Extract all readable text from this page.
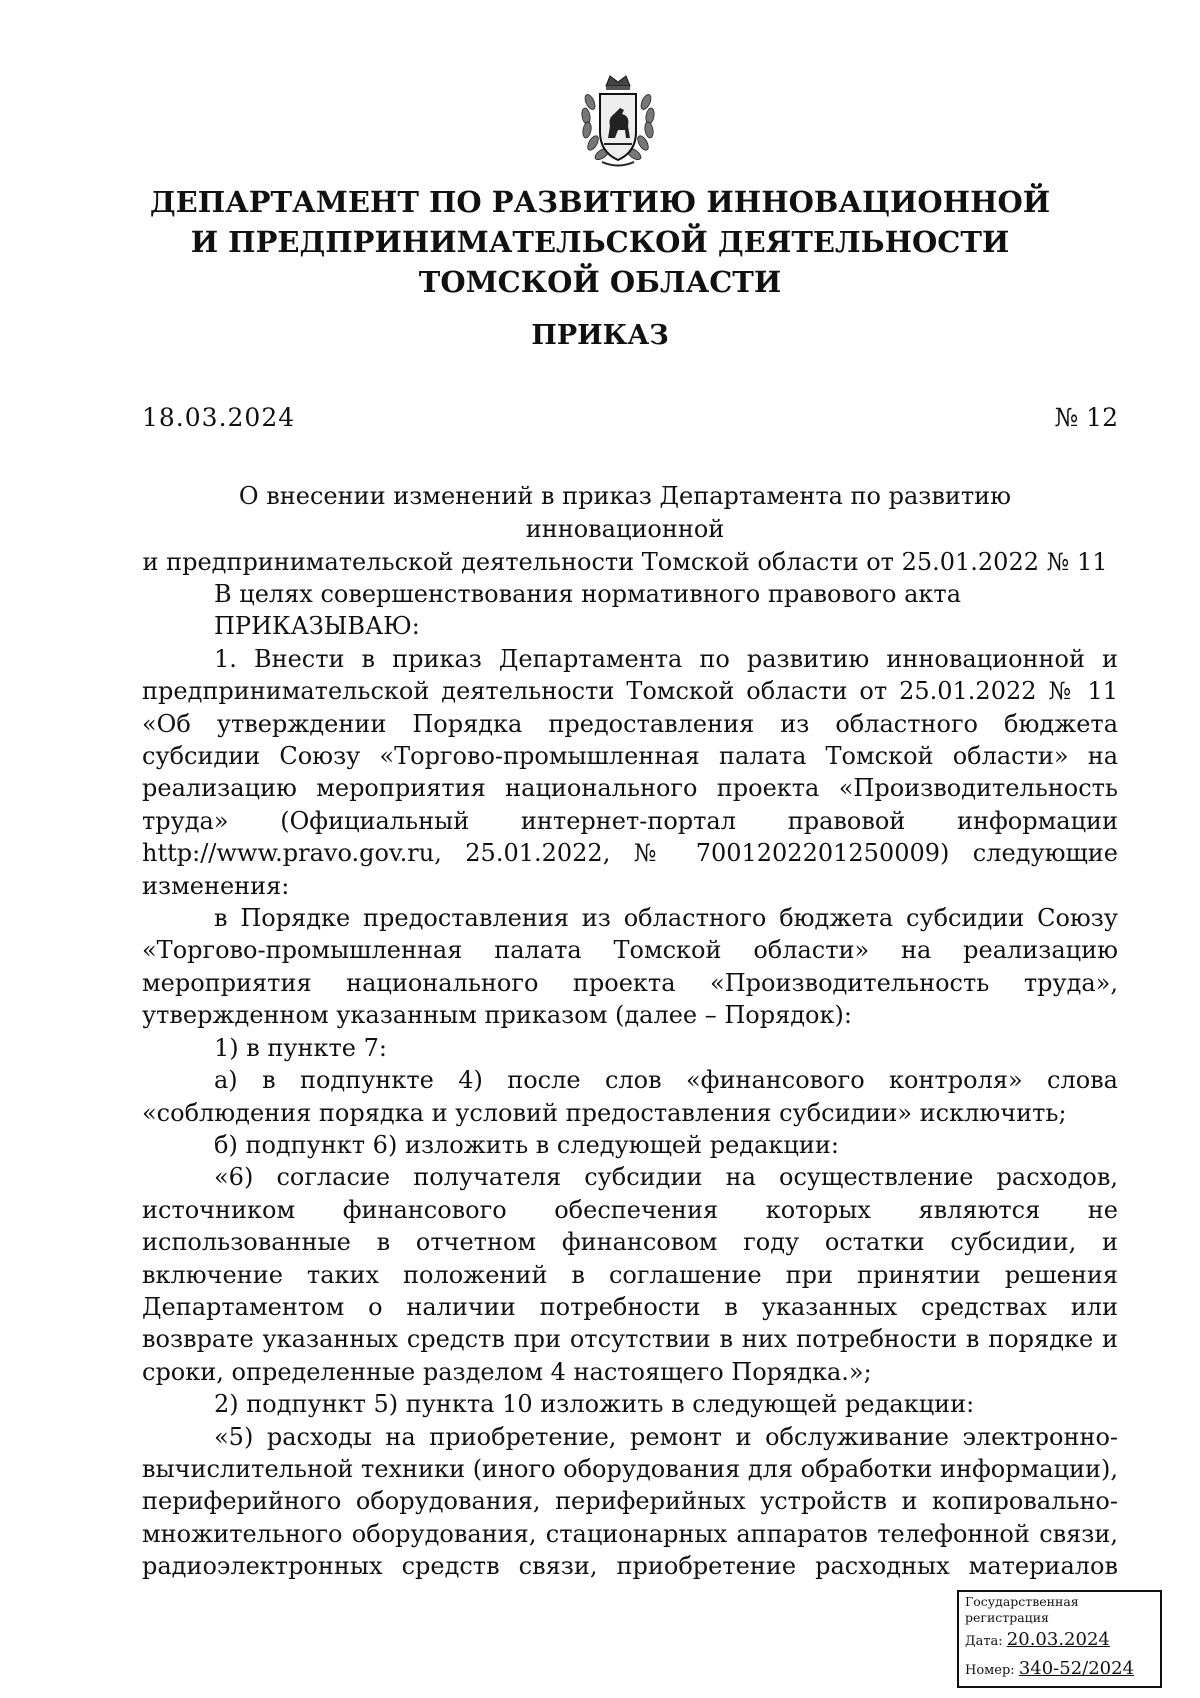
ДЕПАРТАМЕНТ ПО РАЗВИТИЮ ИННОВАЦИОННОЙ
И ПРЕДПРИНИМАТЕЛЬСКОЙ ДЕЯТЕЛЬНОСТИ
ТОМСКОЙ ОБЛАСТИ
ПРИКАЗ
18.03.2024	№ 12
О внесении изменений в приказ Департамента по развитию инновационной
и предпринимательской деятельности Томской области от 25.01.2022 № 11

В целях совершенствования нормативного правового акта

ПРИКАЗЫВАЮ:

1. Внести в приказ Департамента по развитию инновационной и предпринимательской деятельности Томской области от 25.01.2022 № 11 «Об утверждении Порядка предоставления из областного бюджета субсидии Союзу «Торгово-промышленная палата Томской области» на реализацию мероприятия национального проекта «Производительность труда» (Официальный интернет-портал правовой информации http://www.pravo.gov.ru, 25.01.2022, № 7001202201250009) следующие изменения:

в Порядке предоставления из областного бюджета субсидии Союзу «Торгово-промышленная палата Томской области» на реализацию мероприятия национального проекта «Производительность труда», утвержденном указанным приказом (далее – Порядок):

1) в пункте 7:

а) в подпункте 4) после слов «финансового контроля» слова «соблюдения порядка и условий предоставления субсидии» исключить;

б) подпункт 6) изложить в следующей редакции:

«6) согласие получателя субсидии на осуществление расходов, источником финансового обеспечения которых являются не использованные в отчетном финансовом году остатки субсидии, и включение таких положений в соглашение при принятии решения Департаментом о наличии потребности в указанных средствах или возврате указанных средств при отсутствии в них потребности в порядке и сроки, определенные разделом 4 настоящего Порядка.»;

2) подпункт 5) пункта 10 изложить в следующей редакции:

«5) расходы на приобретение, ремонт и обслуживание электронно-вычислительной техники (иного оборудования для обработки информации), периферийного оборудования, периферийных устройств и копировально-множительного оборудования, стационарных аппаратов телефонной связи, радиоэлектронных средств связи, приобретение расходных материалов

Государственная регистрация
Дата: 20.03.2024
Номер: 340-52/2024
